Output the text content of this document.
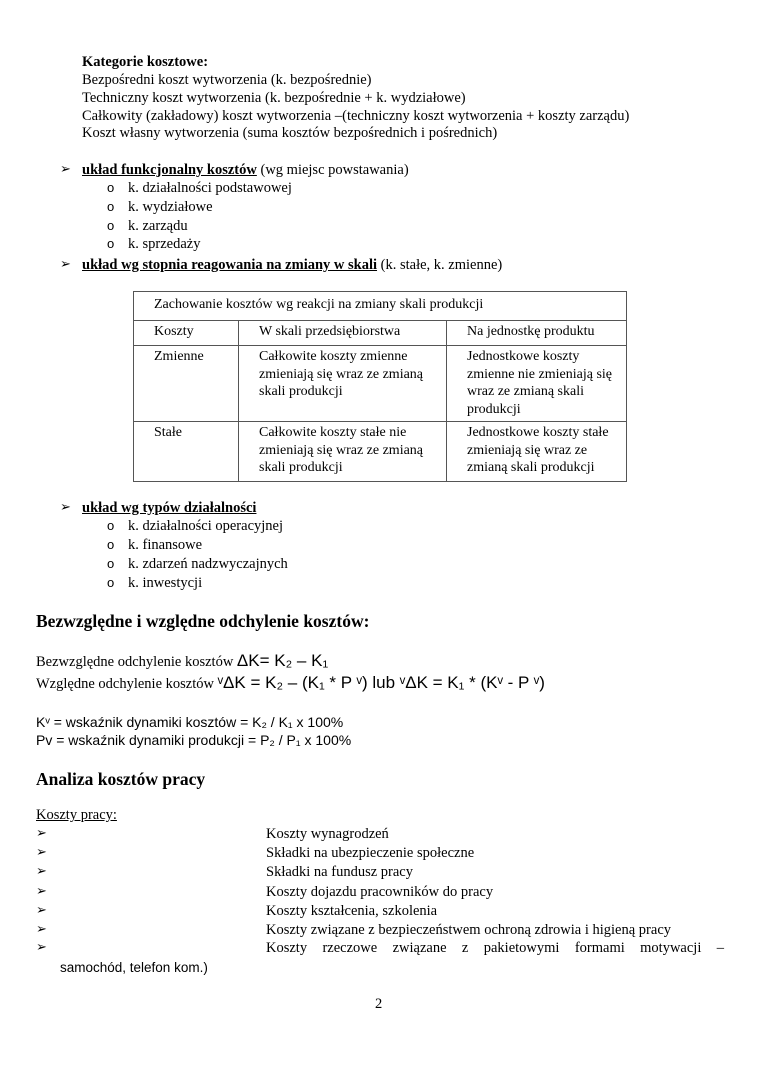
Kategorie kosztowe:
Bezpośredni koszt wytworzenia (k. bezpośrednie)
Techniczny koszt wytworzenia (k. bezpośrednie + k. wydziałowe)
Całkowity (zakładowy) koszt wytworzenia –(techniczny koszt wytworzenia + koszty zarządu)
Koszt własny wytworzenia (suma kosztów bezpośrednich i pośrednich)
➢ układ funkcjonalny kosztów (wg miejsc powstawania)
o k. działalności podstawowej
o k. wydziałowe
o k. zarządu
o k. sprzedaży
➢ układ wg stopnia reagowania na zmiany w skali (k. stałe, k. zmienne)
Zachowanie kosztów wg reakcji na zmiany skali produkcji		
Koszty	W skali przedsiębiorstwa	Na jednostkę produktu
Zmienne	Całkowite koszty zmienne zmieniają się wraz ze zmianą skali produkcji	Jednostkowe koszty zmienne nie zmieniają się wraz ze zmianą skali produkcji
Stałe	Całkowite koszty stałe nie zmieniają się wraz ze zmianą skali produkcji	Jednostkowe koszty stałe zmieniają się wraz ze zmianą skali produkcji
➢ układ wg typów działalności
o k. działalności operacyjnej
o k. finansowe
o k. zdarzeń nadzwyczajnych
o k. inwestycji
Bezwzględne i względne odchylenie kosztów:
Bezwzględne odchylenie kosztów ΔK= K₂ – K₁
Względne odchylenie kosztów ᵛΔK = K₂ – (K₁ * P ᵛ) lub ᵛΔK = K₁ * (Kᵛ - P ᵛ)
Kᵛ = wskaźnik dynamiki kosztów = K₂ / K₁ x 100%
Pv = wskaźnik dynamiki produkcji = P₂ / P₁ x 100%
Analiza kosztów pracy
Koszty pracy:
➢	Koszty wynagrodzeń
➢	Składki na ubezpieczenie społeczne
➢	Składki na fundusz pracy
➢	Koszty dojazdu pracowników do pracy
➢	Koszty kształcenia, szkolenia
➢	Koszty związane z bezpieczeństwem ochroną zdrowia i higieną pracy
➢	Koszty rzeczowe związane z pakietowymi formami motywacji –
samochód, telefon kom.)
2
